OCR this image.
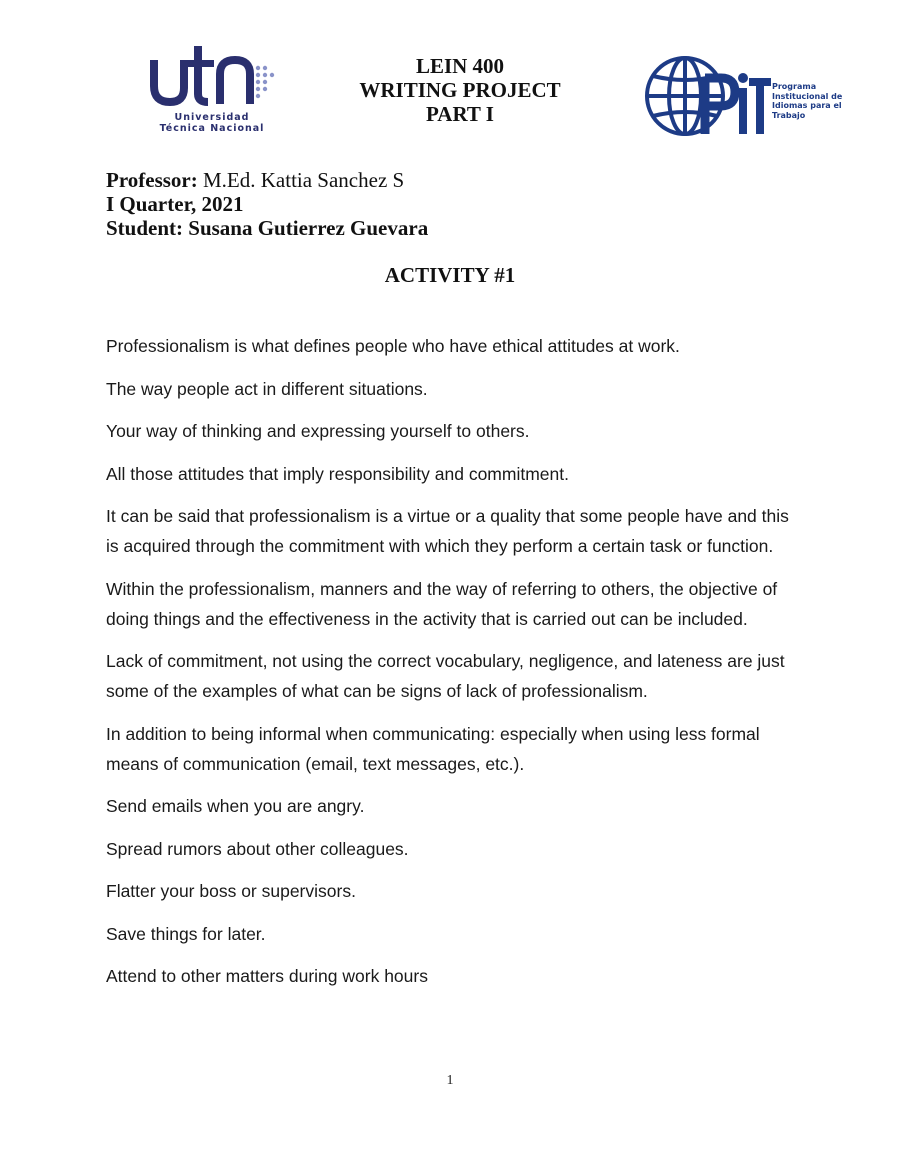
Universidad
Técnica Nacional
LEIN 400
WRITING PROJECT
PART I
Programa
Institucional de
Idiomas para el
Trabajo
Professor: M.Ed. Kattia Sanchez S
I Quarter, 2021
Student: Susana Gutierrez Guevara
ACTIVITY #1

Professionalism is what defines people who have ethical attitudes at work.

The way people act in different situations.

Your way of thinking and expressing yourself to others.

All those attitudes that imply responsibility and commitment.

It can be said that professionalism is a virtue or a quality that some people have and this is acquired through the commitment with which they perform a certain task or function.

Within the professionalism, manners and the way of referring to others, the objective of doing things and the effectiveness in the activity that is carried out can be included.

Lack of commitment, not using the correct vocabulary, negligence, and lateness are just some of the examples of what can be signs of lack of professionalism.

In addition to being informal when communicating: especially when using less formal means of communication (email, text messages, etc.).

Send emails when you are angry.

Spread rumors about other colleagues.

Flatter your boss or supervisors.

Save things for later.

Attend to other matters during work hours

1
